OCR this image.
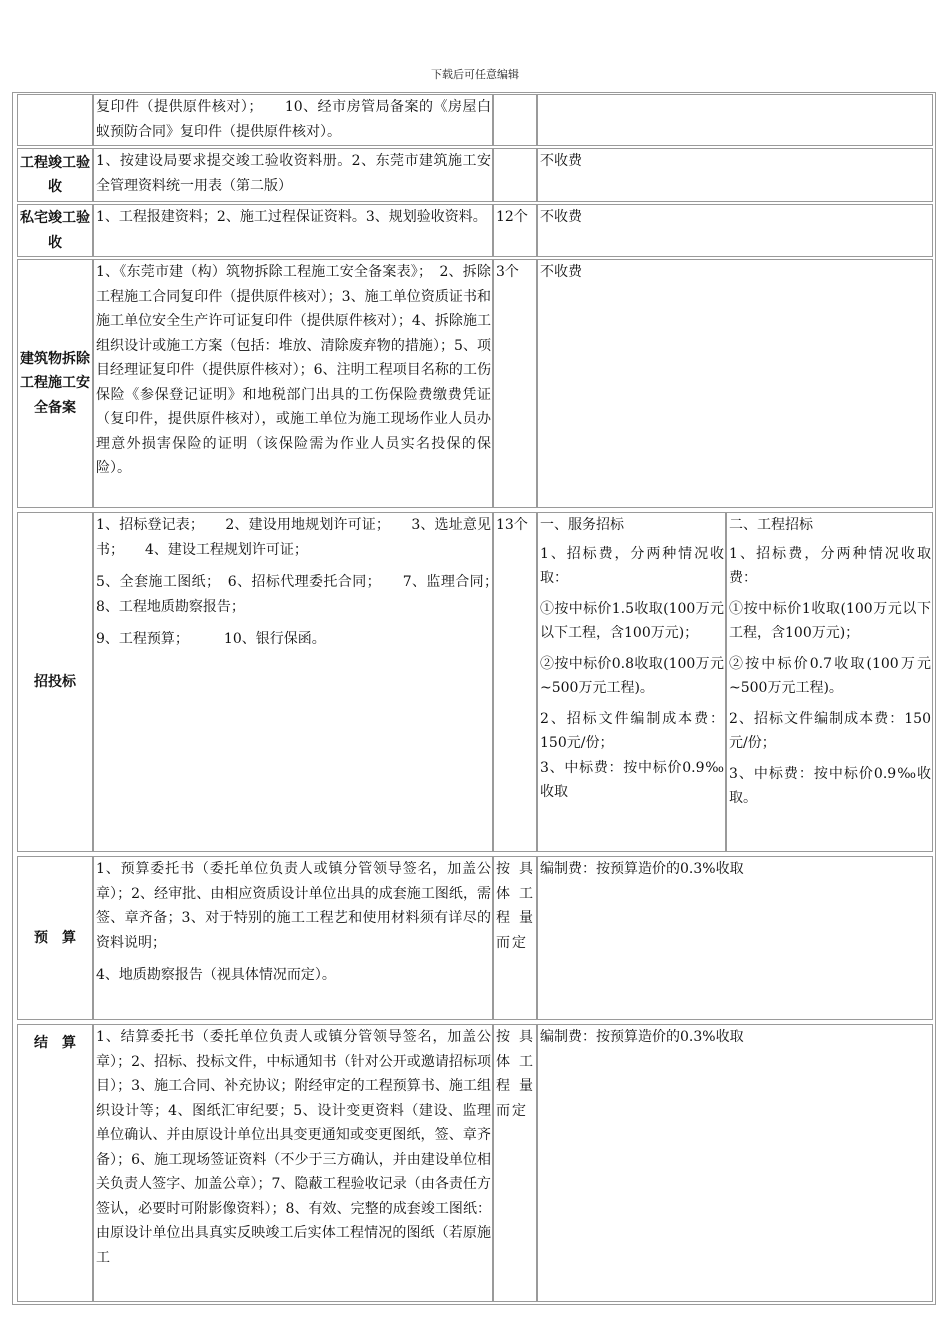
下载后可任意编辑

复印件（提供原件核对）；　　10、经市房管局备案的《房屋白蚁预防合同》复印件（提供原件核对）。

工程竣工验收

1、按建设局要求提交竣工验收资料册。2、东莞市建筑施工安全管理资料统一用表（第二版）

不收费

私宅竣工验收

1、工程报建资料；2、施工过程保证资料。3、规划验收资料。 12个 不收费

建筑物拆除工程施工安全备案

1、《东莞市建（构）筑物拆除工程施工安全备案表》；　2、拆除工程施工合同复印件（提供原件核对）；3、施工单位资质证书和施工单位安全生产许可证复印件（提供原件核对）；4、拆除施工组织设计或施工方案（包括：堆放、清除废弃物的措施）；5、项目经理证复印件（提供原件核对）；6、注明工程项目名称的工伤保险《参保登记证明》和地税部门出具的工伤保险费缴费凭证（复印件，提供原件核对），或施工单位为施工现场作业人员办理意外损害保险的证明（该保险需为作业人员实名投保的保险）。

3个	不收费

招投标

1、招标登记表；　　2、建设用地规划许可证；　　3、选址意见书；　　4、建设工程规划许可证；

5、全套施工图纸；　6、招标代理委托合同；　　7、监理合同；　　8、工程地质勘察报告；

9、工程预算；　　　10、银行保函。

13个 一、服务招标

1、招标费，分两种情况收取：

①按中标价1.5收取(100万元以下工程，含100万元)；

②按中标价0.8收取(100万元~500万元工程)。

2、招标文件编制成本费：150元/份；

3、中标费：按中标价0.9‰收取

二、工程招标

1、招标费，分两种情况收取费：

①按中标价1收取(100万元以下工程，含100万元)；

②按中标价0.7收取(100万元~500万元工程)。

2、招标文件编制成本费：150元/份；

3、中标费：按中标价0.9‰收取。

预　算

1、预算委托书（委托单位负责人或镇分管领导签名，加盖公章）；2、经审批、由相应资质设计单位出具的成套施工图纸，需签、章齐备；3、对于特别的施工工程艺和使用材料须有详尽的资料说明；

4、地质勘察报告（视具体情况而定）。

按具体工程量而定

编制费：按预算造价的0.3%收取

结　算 1、结算委托书（委托单位负责人或镇分管领导签名，加盖公章）；2、招标、投标文件，中标通知书（针对公开或邀请招标项目）；3、施工合同、补充协议；附经审定的工程预算书、施工组织设计等；4、图纸汇审纪要；5、设计变更资料（建设、监理单位确认、并由原设计单位出具变更通知或变更图纸，签、章齐备）；6、施工现场签证资料（不少于三方确认，并由建设单位相关负责人签字、加盖公章）；7、隐蔽工程验收记录（由各责任方签认，必要时可附影像资料）；8、有效、完整的成套竣工图纸：由原设计单位出具真实反映竣工后实体工程情况的图纸（若原施工

按具体工程量而定

编制费：按预算造价的0.3%收取
